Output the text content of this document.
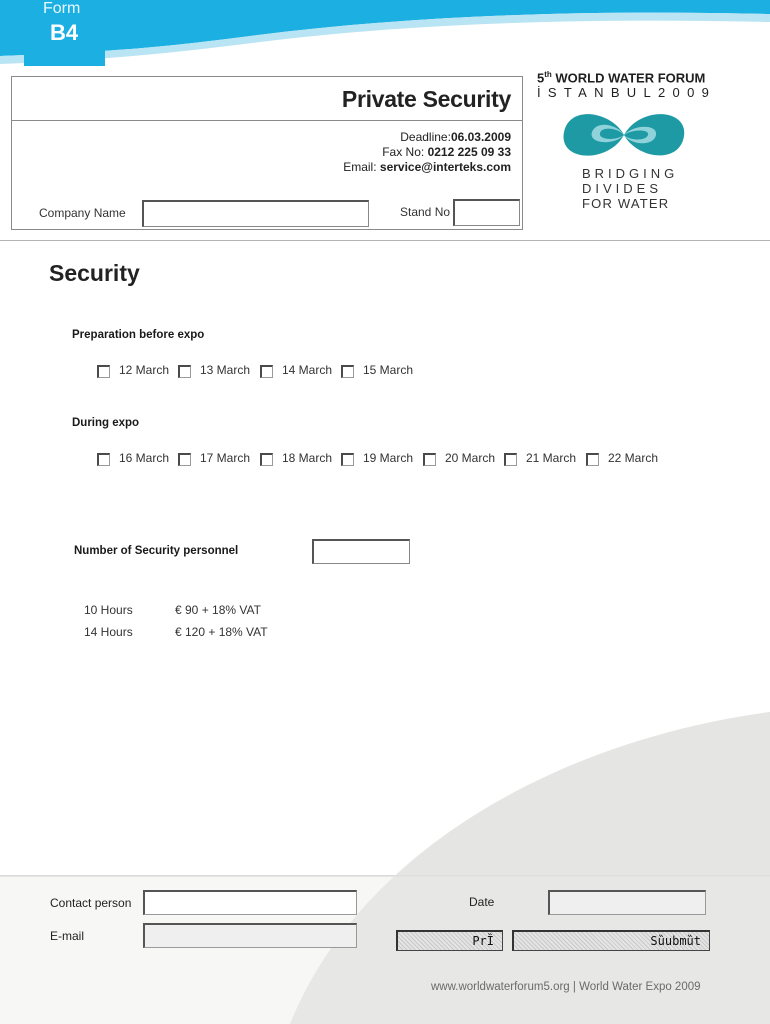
Form
B4
Private Security
Deadline:06.03.2009
Fax No: 0212 225 09 33
Email: service@interteks.com
Company Name	Stand No
5th WORLD WATER FORUM
İSTANBUL2009
BRIDGING
DIVIDES
FOR WATER
Security
Preparation before expo
12 March	13 March	14 March	15 March
During expo
16 March	17 March	18 March	19 March	20 March	21 March	22 March
Number of Security personnel
10 Hours	€ 90 + 18% VAT
14 Hours	€ 120 + 18% VAT
Contact person	Date
E-mail	PrȈ	Sȕubmȕt
www.worldwaterforum5.org | World Water Expo 2009
